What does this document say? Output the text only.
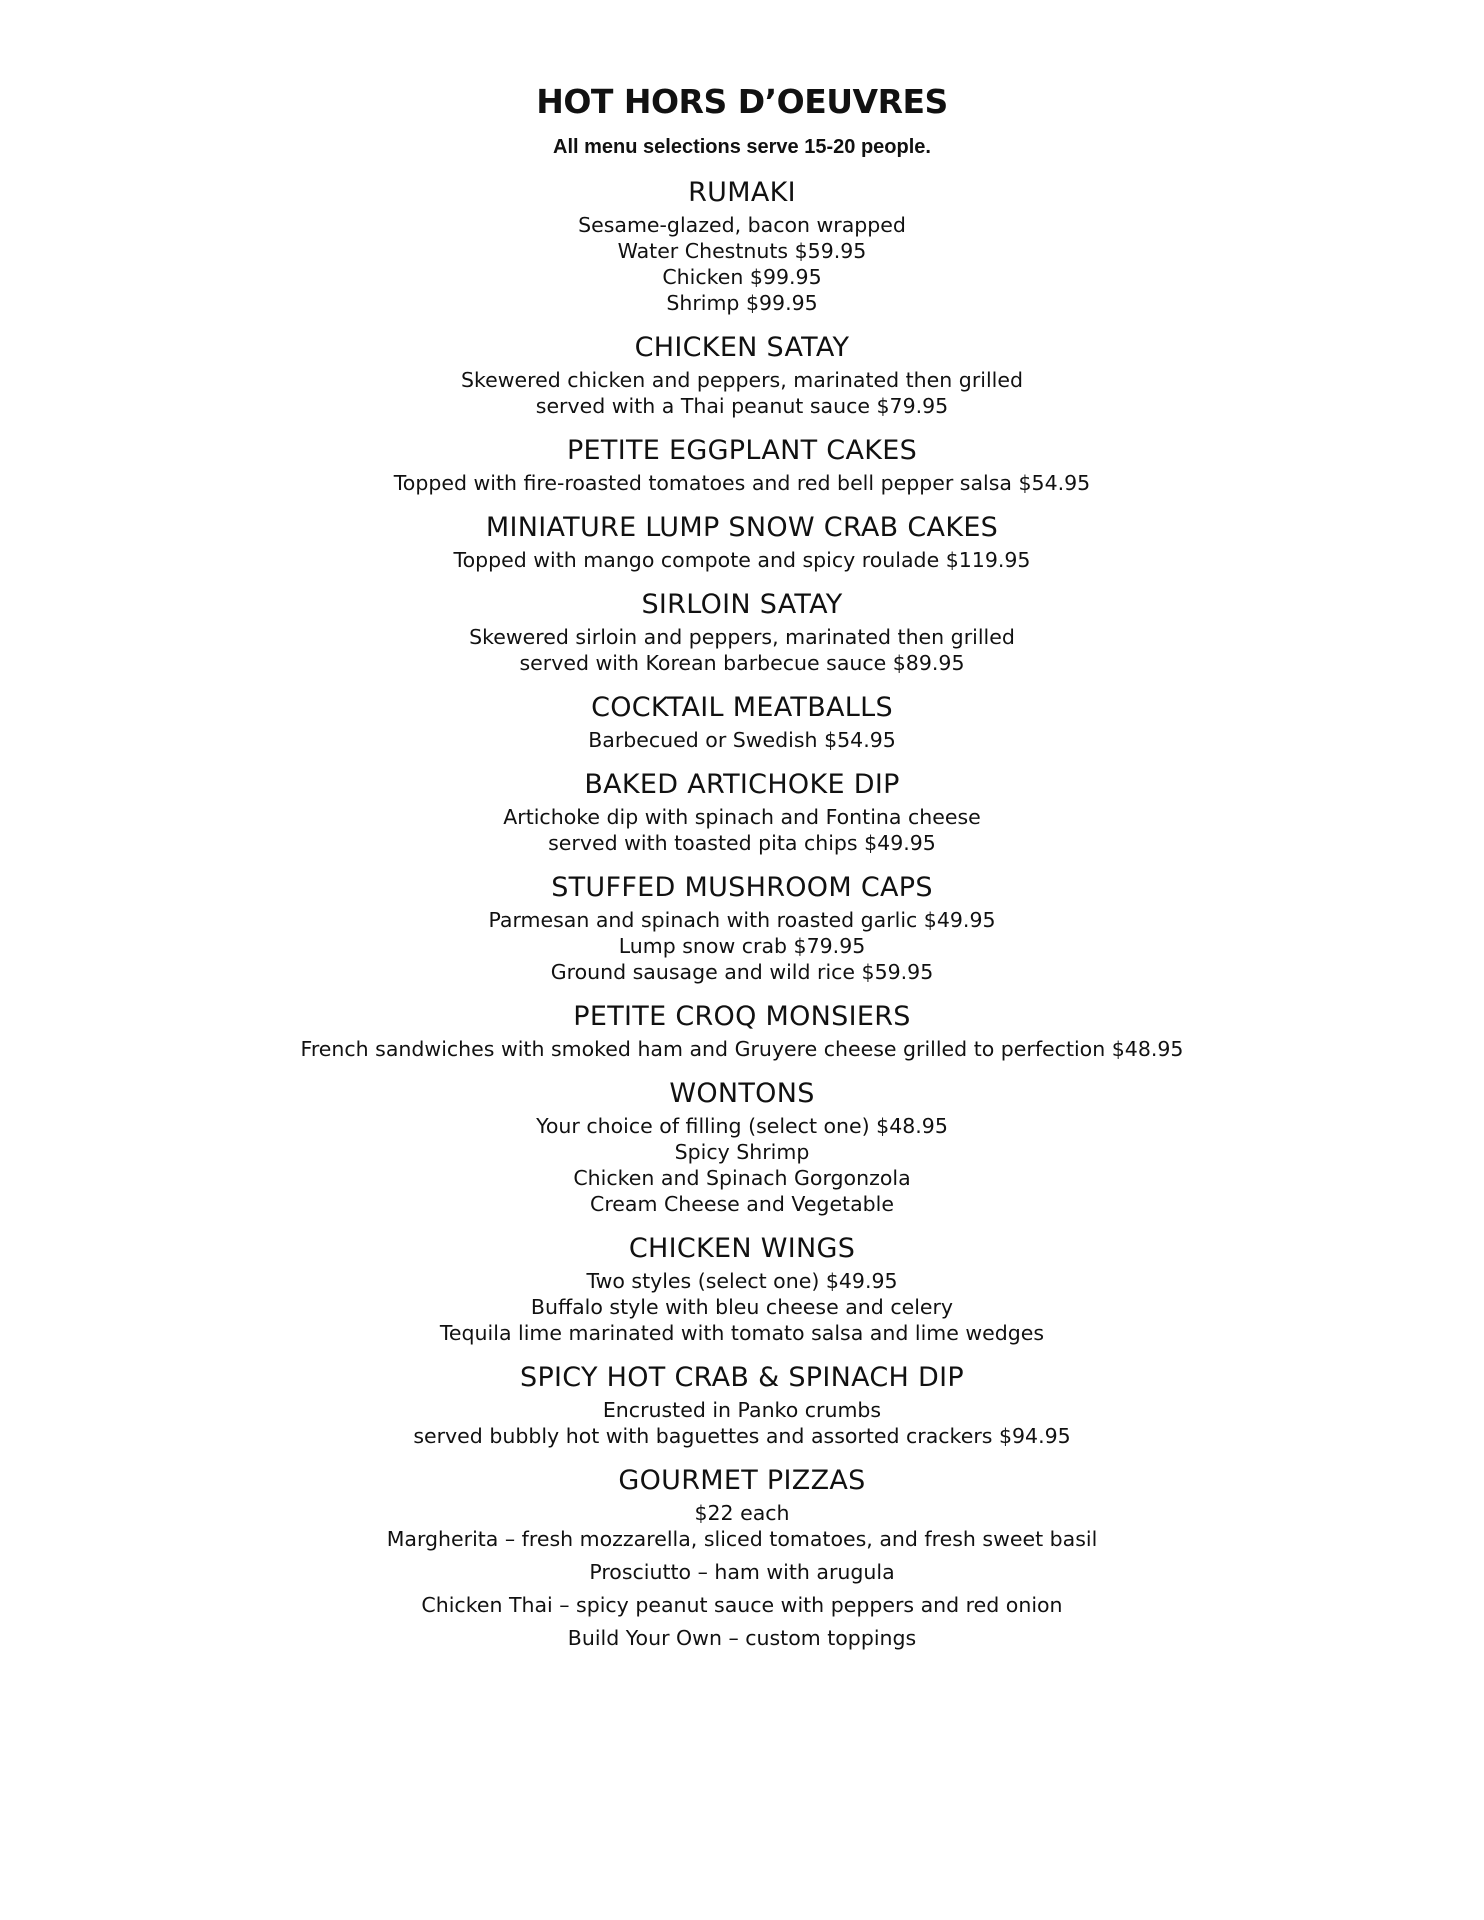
HOT HORS D’OEUVRES

All menu selections serve 15-20 people.

RUMAKI

Sesame-glazed, bacon wrapped

Water Chestnuts $59.95

Chicken $99.95

Shrimp $99.95

CHICKEN SATAY

Skewered chicken and peppers, marinated then grilled

served with a Thai peanut sauce $79.95

PETITE EGGPLANT CAKES

Topped with fire-roasted tomatoes and red bell pepper salsa $54.95

MINIATURE LUMP SNOW CRAB CAKES

Topped with mango compote and spicy roulade $119.95

SIRLOIN SATAY

Skewered sirloin and peppers, marinated then grilled

served with Korean barbecue sauce $89.95

COCKTAIL MEATBALLS

Barbecued or Swedish $54.95

BAKED ARTICHOKE DIP

Artichoke dip with spinach and Fontina cheese

served with toasted pita chips $49.95

STUFFED MUSHROOM CAPS

Parmesan and spinach with roasted garlic $49.95

Lump snow crab $79.95

Ground sausage and wild rice $59.95

PETITE CROQ MONSIERS

French sandwiches with smoked ham and Gruyere cheese grilled to perfection $48.95

WONTONS

Your choice of filling (select one) $48.95

Spicy Shrimp

Chicken and Spinach Gorgonzola

Cream Cheese and Vegetable

CHICKEN WINGS

Two styles (select one) $49.95

Buffalo style with bleu cheese and celery

Tequila lime marinated with tomato salsa and lime wedges

SPICY HOT CRAB & SPINACH DIP

Encrusted in Panko crumbs

served bubbly hot with baguettes and assorted crackers $94.95

GOURMET PIZZAS

$22 each

Margherita – fresh mozzarella, sliced tomatoes, and fresh sweet basil

Prosciutto – ham with arugula

Chicken Thai – spicy peanut sauce with peppers and red onion

Build Your Own – custom toppings
